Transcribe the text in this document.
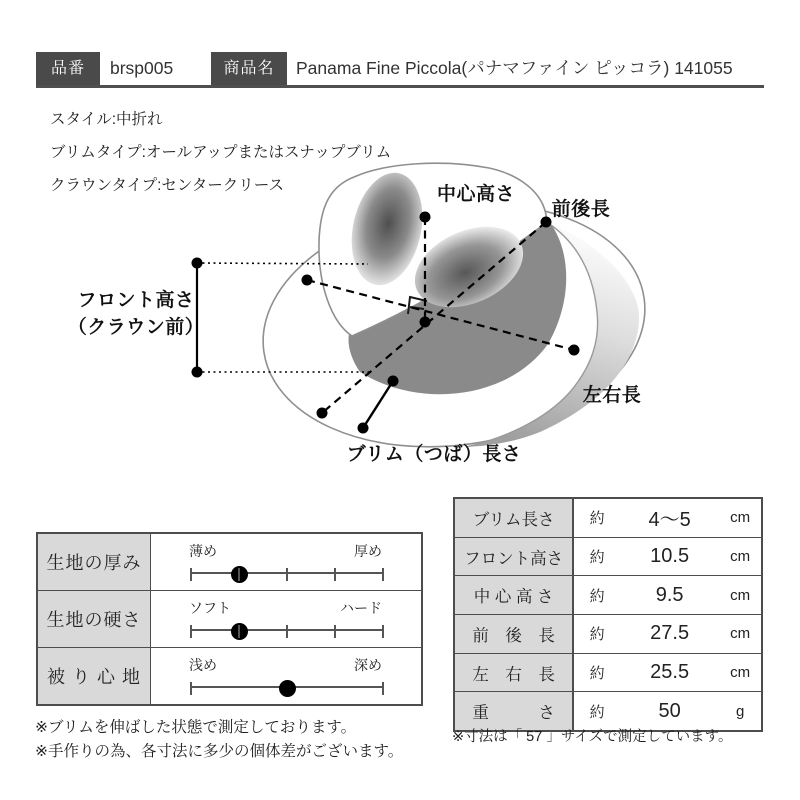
品番	brsp005	商品名	Panama Fine Piccola(パナマファイン ピッコラ) 141055
スタイル:中折れ
ブリムタイプ:オールアップまたはスナップブリム
クラウンタイプ:センタークリース	中心高さ
前後長
フロント高さ
（クラウン前）
左右長
ブリム（つば）長さ
生地の厚み
薄め	厚め
生地の硬さ
ソフト	ハード
被 り 心 地
浅め	深め
ブリム長さ	約	4〜5	cm
フロント高さ	約	10.5	cm
中 心 高 さ	約	9.5	cm
前　後　長	約	27.5	cm
左　右　長	約	25.5	cm
重　　　さ	約	50	g
※ブリムを伸ばした状態で測定しております。
※手作りの為、各寸法に多少の個体差がございます。
※寸法は「 57 」サイズで測定しています。
